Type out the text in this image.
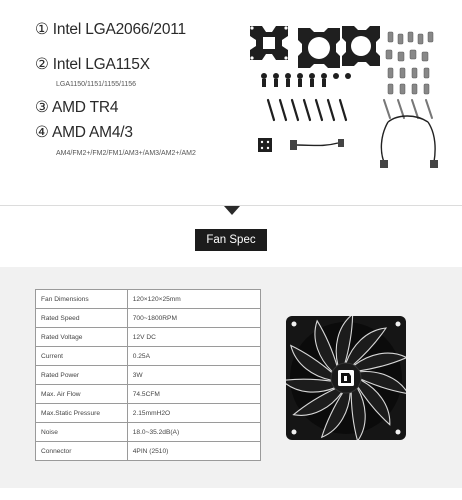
① Intel LGA2066/2011
② Intel LGA115X
LGA1150/1151/1155/1156
③ AMD TR4
④ AMD AM4/3
AM4/FM2+/FM2/FM1/AM3+/AM3/AM2+/AM2
Fan Spec
Fan Dimensions	120×120×25mm
Rated Speed	700~1800RPM
Rated Voltage	12V DC
Current	0.25A
Rated Power	3W
Max. Air Flow	74.5CFM
Max.Static Pressure	2.15mmH2O
Noise	18.0~35.2dB(A)
Connector	4PIN (2510)
